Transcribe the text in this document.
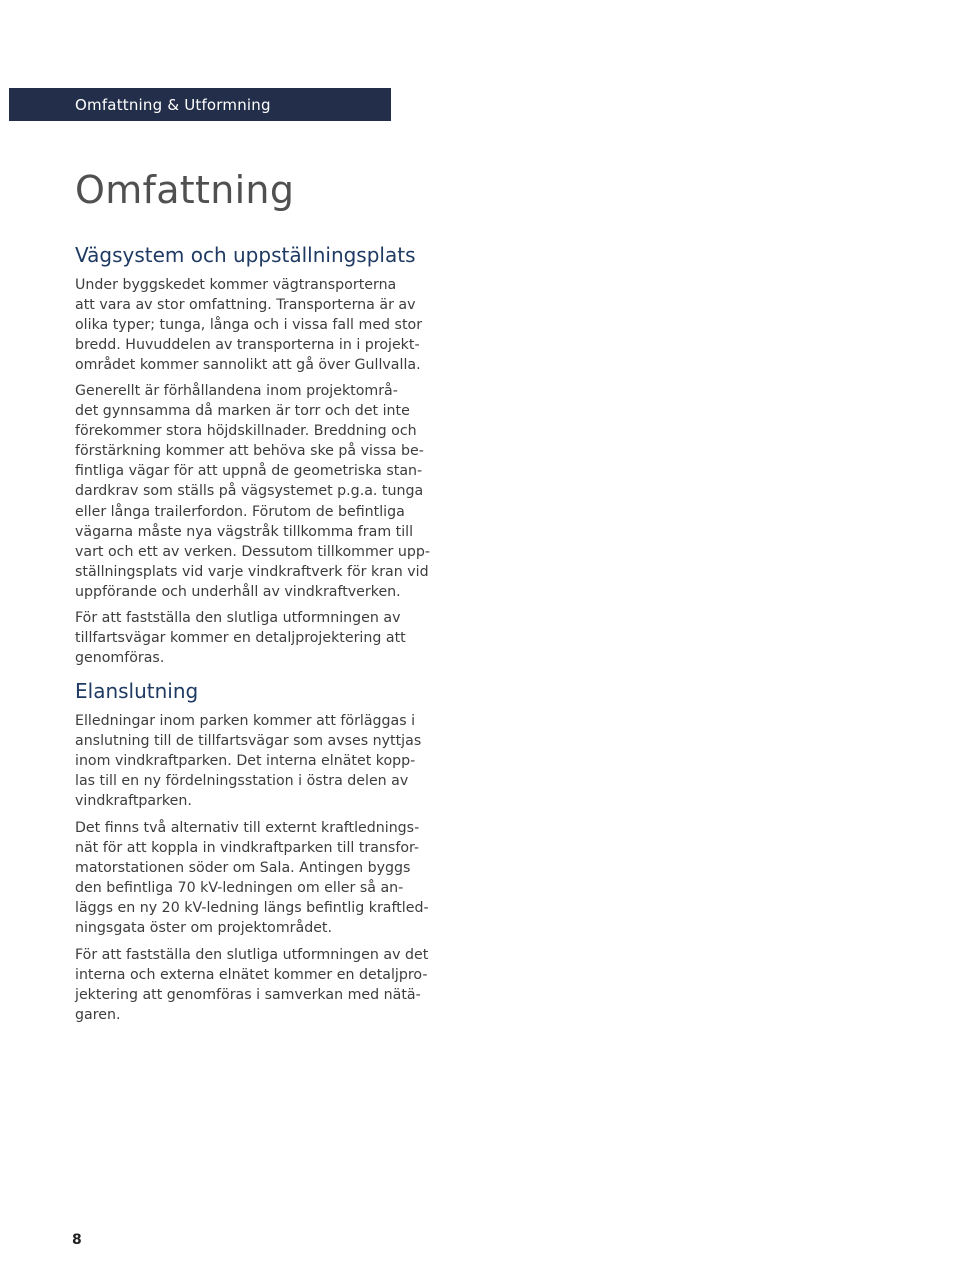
Omfattning & Utformning
Omfattning
Vägsystem och uppställningsplats

Under byggskedet kommer vägtransporterna
att vara av stor omfattning. Transporterna är av
olika typer; tunga, långa och i vissa fall med stor
bredd. Huvuddelen av transporterna in i projekt-
området kommer sannolikt att gå över Gullvalla.

Generellt är förhållandena inom projektområ-
det gynnsamma då marken är torr och det inte
förekommer stora höjdskillnader. Breddning och
förstärkning kommer att behöva ske på vissa be-
fintliga vägar för att uppnå de geometriska stan-
dardkrav som ställs på vägsystemet p.g.a. tunga
eller långa trailerfordon. Förutom de befintliga
vägarna måste nya vägstråk tillkomma fram till
vart och ett av verken. Dessutom tillkommer upp-
ställningsplats vid varje vindkraftverk för kran vid
uppförande och underhåll av vindkraftverken.

För att fastställa den slutliga utformningen av
tillfartsvägar kommer en detaljprojektering att
genomföras.

Elanslutning

Elledningar inom parken kommer att förläggas i
anslutning till de tillfartsvägar som avses nyttjas
inom vindkraftparken. Det interna elnätet kopp-
las till en ny fördelningsstation i östra delen av
vindkraftparken.

Det finns två alternativ till externt kraftlednings-
nät för att koppla in vindkraftparken till transfor-
matorstationen söder om Sala. Antingen byggs
den befintliga 70 kV-ledningen om eller så an-
läggs en ny 20 kV-ledning längs befintlig kraftled-
ningsgata öster om projektområdet.

För att fastställa den slutliga utformningen av det
interna och externa elnätet kommer en detaljpro-
jektering att genomföras i samverkan med nätä-
garen.

8
